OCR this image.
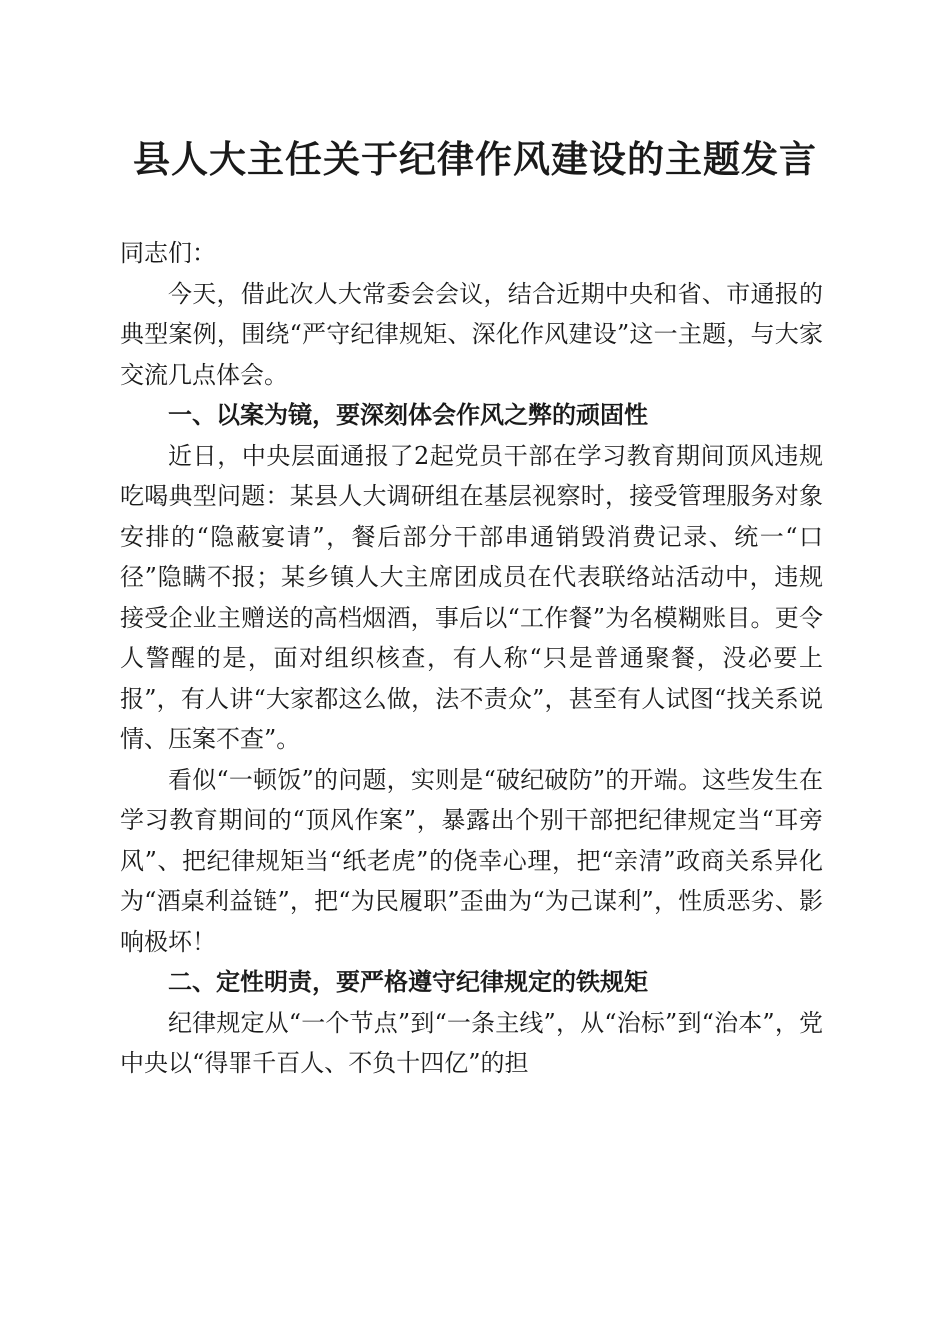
县人大主任关于纪律作风建设的主题发言

同志们：

今天，借此次人大常委会会议，结合近期中央和省、市通报的典型案例，围绕“严守纪律规矩、深化作风建设”这一主题，与大家交流几点体会。

一、以案为镜，要深刻体会作风之弊的顽固性

近日，中央层面通报了2起党员干部在学习教育期间顶风违规吃喝典型问题：某县人大调研组在基层视察时，接受管理服务对象安排的“隐蔽宴请”，餐后部分干部串通销毁消费记录、统一“口径”隐瞒不报；某乡镇人大主席团成员在代表联络站活动中，违规接受企业主赠送的高档烟酒，事后以“工作餐”为名模糊账目。更令人警醒的是，面对组织核查，有人称“只是普通聚餐，没必要上报”，有人讲“大家都这么做，法不责众”，甚至有人试图“找关系说情、压案不查”。

看似“一顿饭”的问题，实则是“破纪破防”的开端。这些发生在学习教育期间的“顶风作案”，暴露出个别干部把纪律规定当“耳旁风”、把纪律规矩当“纸老虎”的侥幸心理，把“亲清”政商关系异化为“酒桌利益链”，把“为民履职”歪曲为“为己谋利”，性质恶劣、影响极坏！

二、定性明责，要严格遵守纪律规定的铁规矩

纪律规定从“一个节点”到“一条主线”，从“治标”到“治本”，党中央以“得罪千百人、不负十四亿”的担
